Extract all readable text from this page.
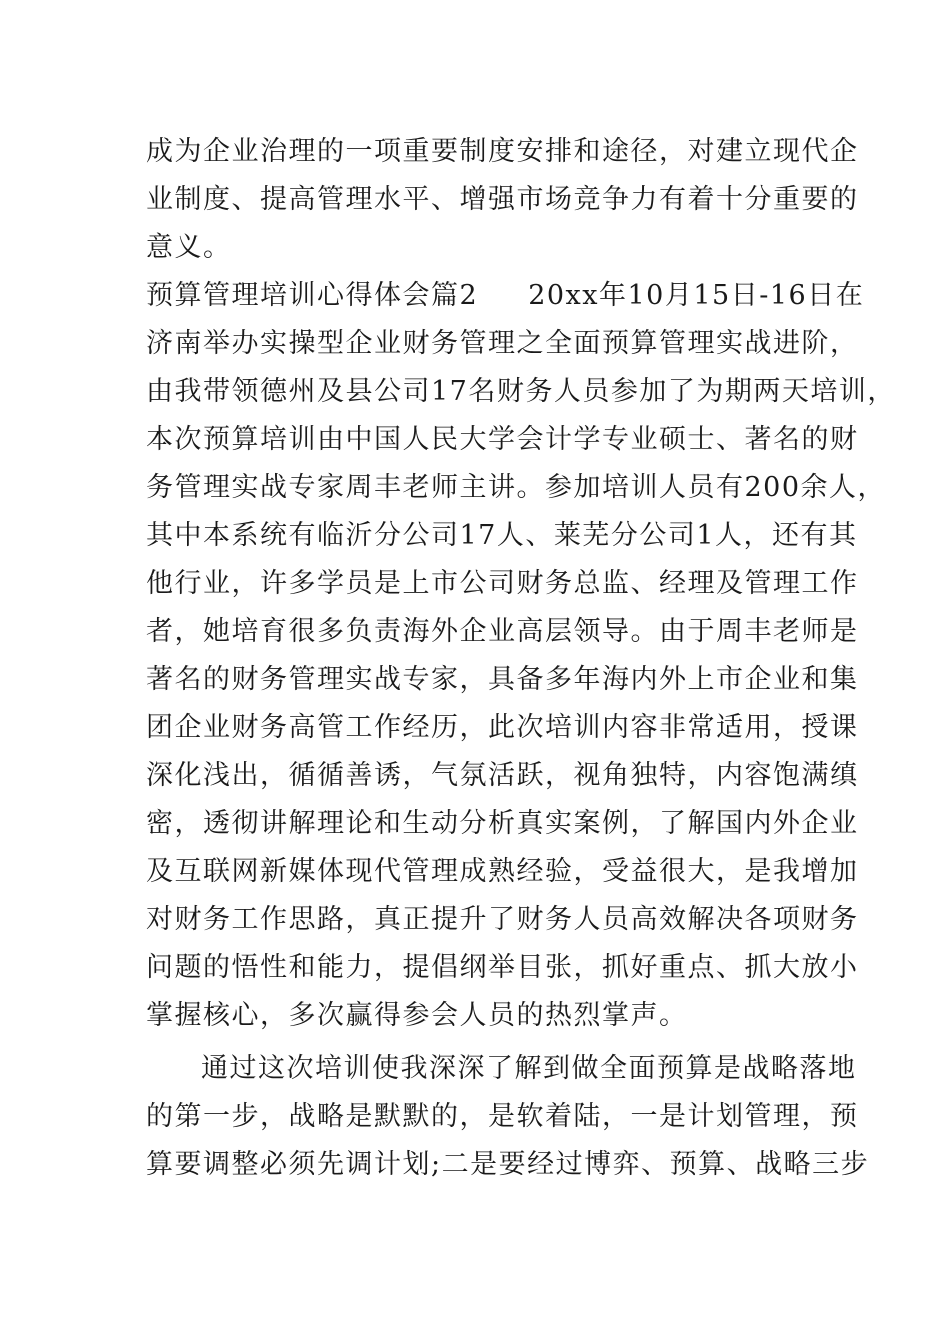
成为企业治理的一项重要制度安排和途径，对建立现代企
业制度、提高管理水平、增强市场竞争力有着十分重要的
意义。
预算管理培训心得体会篇2 20xx年10月15日-16日在
济南举办实操型企业财务管理之全面预算管理实战进阶，
由我带领德州及县公司17名财务人员参加了为期两天培训，
本次预算培训由中国人民大学会计学专业硕士、著名的财
务管理实战专家周丰老师主讲。参加培训人员有200余人，
其中本系统有临沂分公司17人、莱芜分公司1人，还有其
他行业，许多学员是上市公司财务总监、经理及管理工作
者，她培育很多负责海外企业高层领导。由于周丰老师是
著名的财务管理实战专家，具备多年海内外上市企业和集
团企业财务高管工作经历，此次培训内容非常适用，授课
深化浅出，循循善诱，气氛活跃，视角独特，内容饱满缜
密，透彻讲解理论和生动分析真实案例，了解国内外企业
及互联网新媒体现代管理成熟经验，受益很大，是我增加
对财务工作思路，真正提升了财务人员高效解决各项财务
问题的悟性和能力，提倡纲举目张，抓好重点、抓大放小
掌握核心，多次赢得参会人员的热烈掌声。
通过这次培训使我深深了解到做全面预算是战略落地
的第一步，战略是默默的，是软着陆，一是计划管理，预
算要调整必须先调计划;二是要经过博弈、预算、战略三步
